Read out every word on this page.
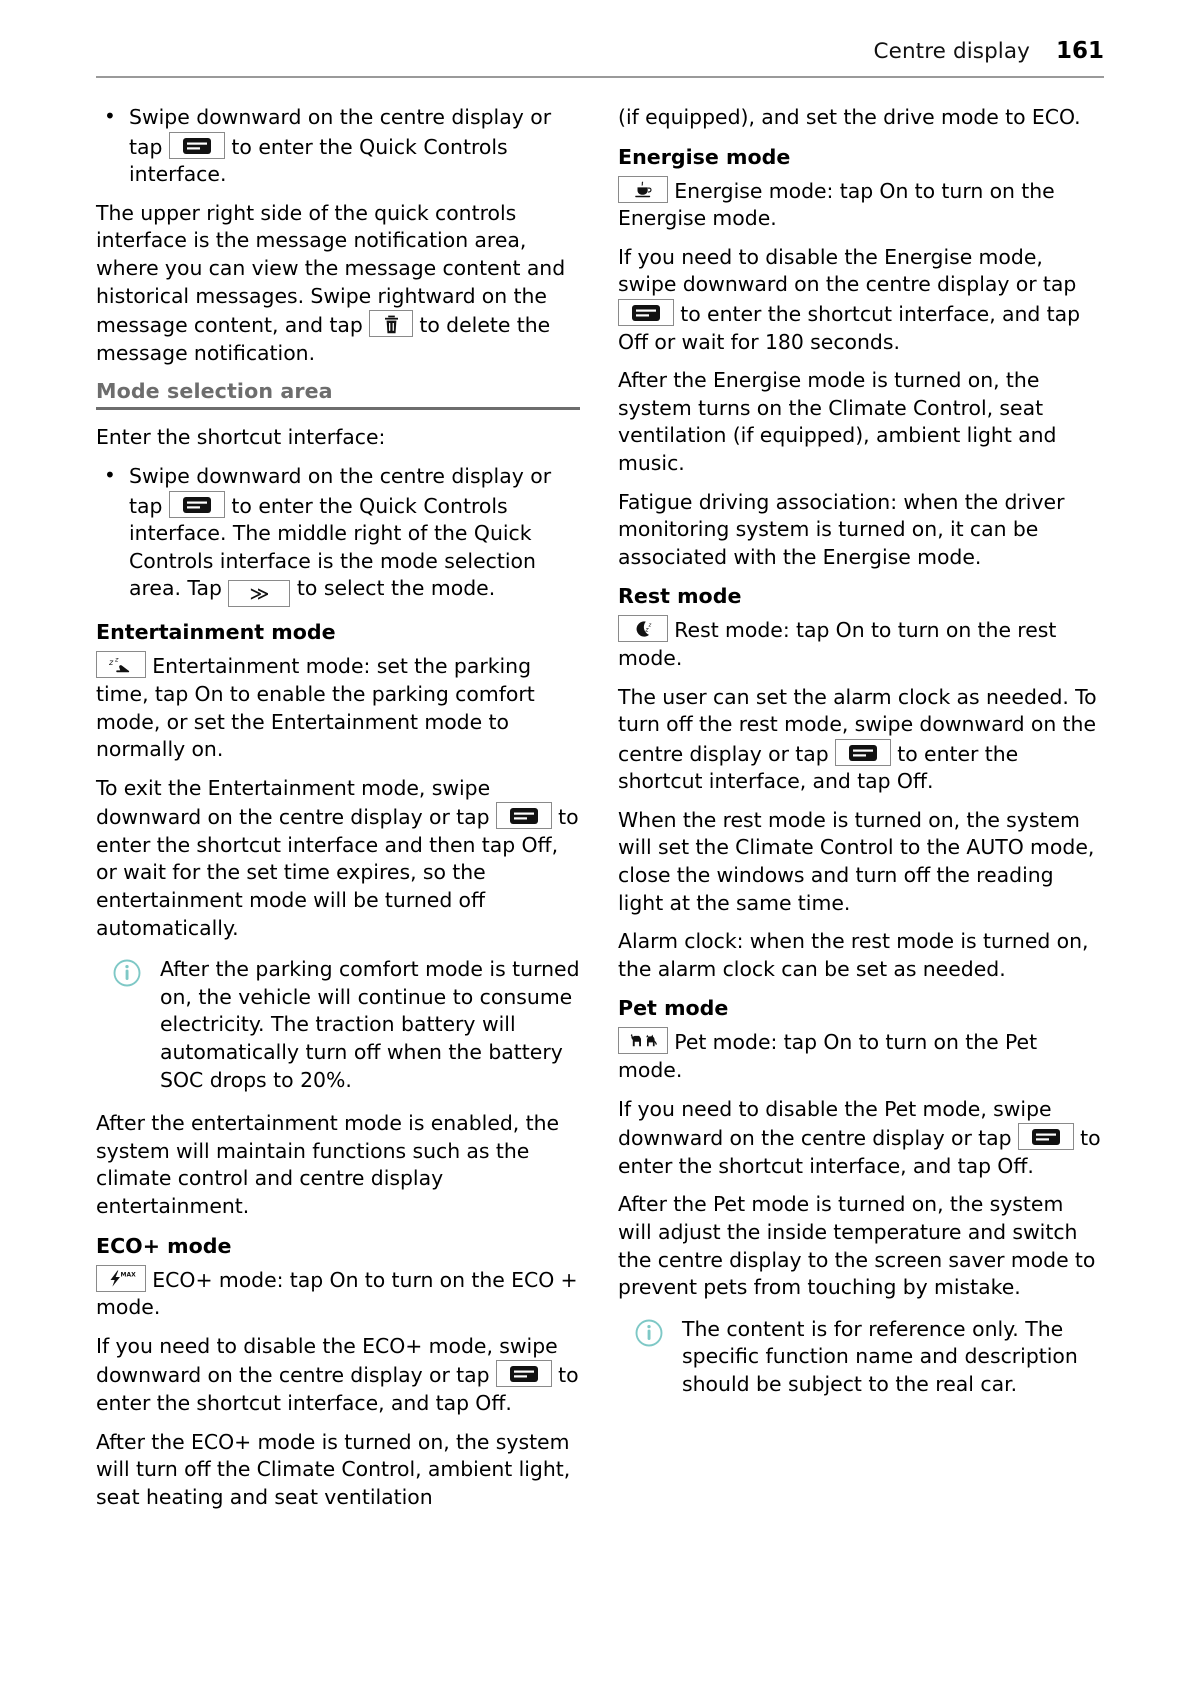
Centre display 161
• Swipe downward on the centre display or tap	to enter the Quick Controls interface.

The upper right side of the quick controls interface is the message notification area, where you can view the message content and historical messages. Swipe rightward on the message content, and tap	to delete the message notification.

Mode selection area

Enter the shortcut interface:

• Swipe downward on the centre display or tap	to enter the Quick Controls interface. The middle right of the Quick Controls interface is the mode selection area. Tap ≫ to select the mode.
Entertainment mode

z z Entertainment mode: set the parking time, tap On to enable the parking comfort mode, or set the Entertainment mode to normally on.

To exit the Entertainment mode, swipe downward on the centre display or tap	to enter the shortcut interface and then tap Off, or wait for the set time expires, so the entertainment mode will be turned off automatically.

After the parking comfort mode is turned on, the vehicle will continue to consume electricity. The traction battery will automatically turn off when the battery SOC drops to 20%.

After the entertainment mode is enabled, the system will maintain functions such as the climate control and centre display entertainment.

ECO+ mode

MAX ECO+ mode: tap On to turn on the ECO + mode.

If you need to disable the ECO+ mode, swipe downward on the centre display or tap	to enter the shortcut interface, and tap Off.

After the ECO+ mode is turned on, the system will turn off the Climate Control, ambient light, seat heating and seat ventilation

(if equipped), and set the drive mode to ECO.

Energise mode

Energise mode: tap On to turn on the Energise mode.

If you need to disable the Energise mode, swipe downward on the centre display or tap
to enter the shortcut interface, and tap Off or wait for 180 seconds.

After the Energise mode is turned on, the system turns on the Climate Control, seat ventilation (if equipped), ambient light and music.

Fatigue driving association: when the driver monitoring system is turned on, it can be associated with the Energise mode.

Rest mode

z
z Rest mode: tap On to turn on the rest mode.

The user can set the alarm clock as needed. To turn off the rest mode, swipe downward on the centre display or tap	to enter the shortcut interface, and tap Off.

When the rest mode is turned on, the system will set the Climate Control to the AUTO mode, close the windows and turn off the reading light at the same time.

Alarm clock: when the rest mode is turned on, the alarm clock can be set as needed.

Pet mode

Pet mode: tap On to turn on the Pet mode.

If you need to disable the Pet mode, swipe downward on the centre display or tap	to enter the shortcut interface, and tap Off.

After the Pet mode is turned on, the system will adjust the inside temperature and switch the centre display to the screen saver mode to prevent pets from touching by mistake.

The content is for reference only. The specific function name and description should be subject to the real car.
